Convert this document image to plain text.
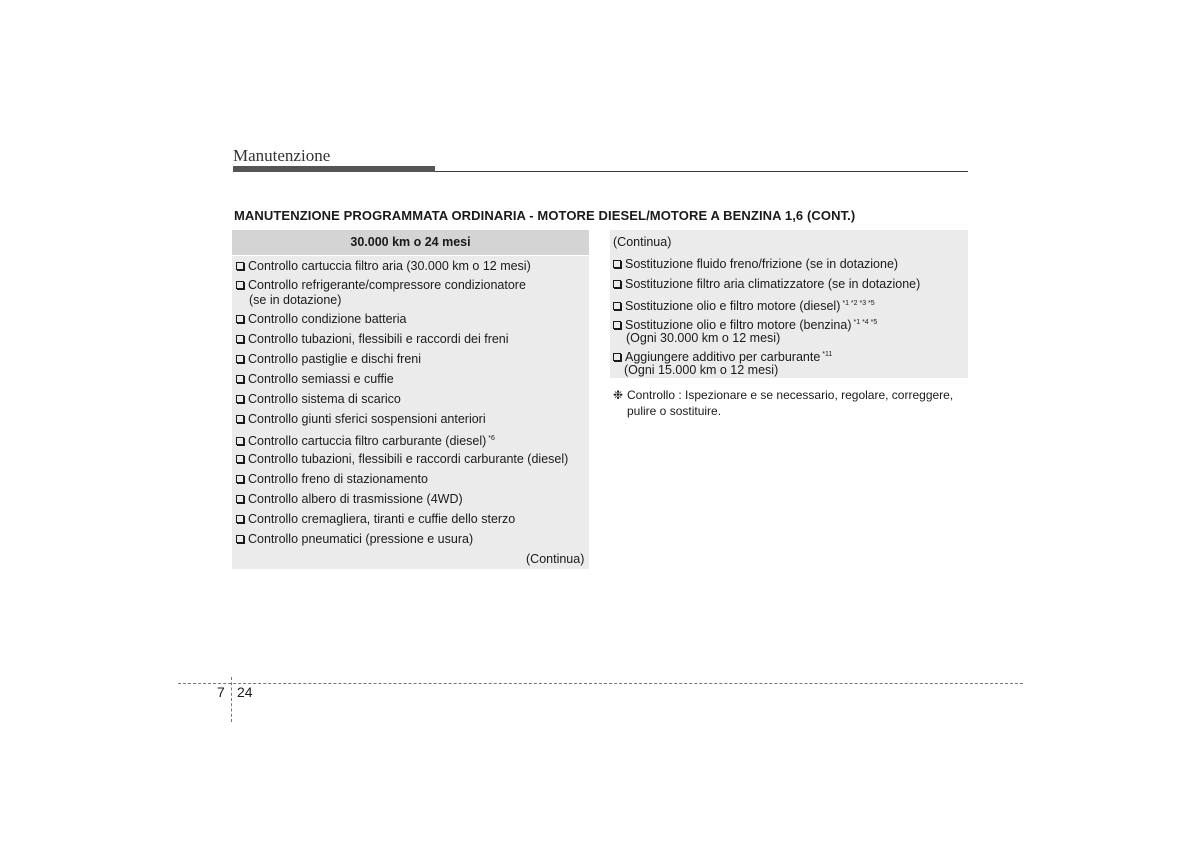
Manutenzione
MANUTENZIONE PROGRAMMATA ORDINARIA - MOTORE DIESEL/MOTORE A BENZINA 1,6 (CONT.)
30.000 km o 24 mesi
Controllo cartuccia filtro aria (30.000 km o 12 mesi)
Controllo refrigerante/compressore condizionatore
(se in dotazione)
Controllo condizione batteria
Controllo tubazioni, flessibili e raccordi dei freni
Controllo pastiglie e dischi freni
Controllo semiassi e cuffie
Controllo sistema di scarico
Controllo giunti sferici sospensioni anteriori
Controllo cartuccia filtro carburante (diesel) $^{*6}$
Controllo tubazioni, flessibili e raccordi carburante (diesel)
Controllo freno di stazionamento
Controllo albero di trasmissione (4WD)
Controllo cremagliera, tiranti e cuffie dello sterzo
Controllo pneumatici (pressione e usura)
(Continua)
(Continua)
Sostituzione fluido freno/frizione (se in dotazione)
Sostituzione filtro aria climatizzatore (se in dotazione)
Sostituzione olio e filtro motore (diesel) $^{*1 *2 *3 *5}$
Sostituzione olio e filtro motore (benzina) $^{*1 *4 *5}$
(Ogni 30.000 km o 12 mesi)
Aggiungere additivo per carburante $^{*11}$
(Ogni 15.000 km o 12 mesi)
❉ Controllo : Ispezionare e se necessario, regolare, correggere, pulire o sostituire.
7 24
